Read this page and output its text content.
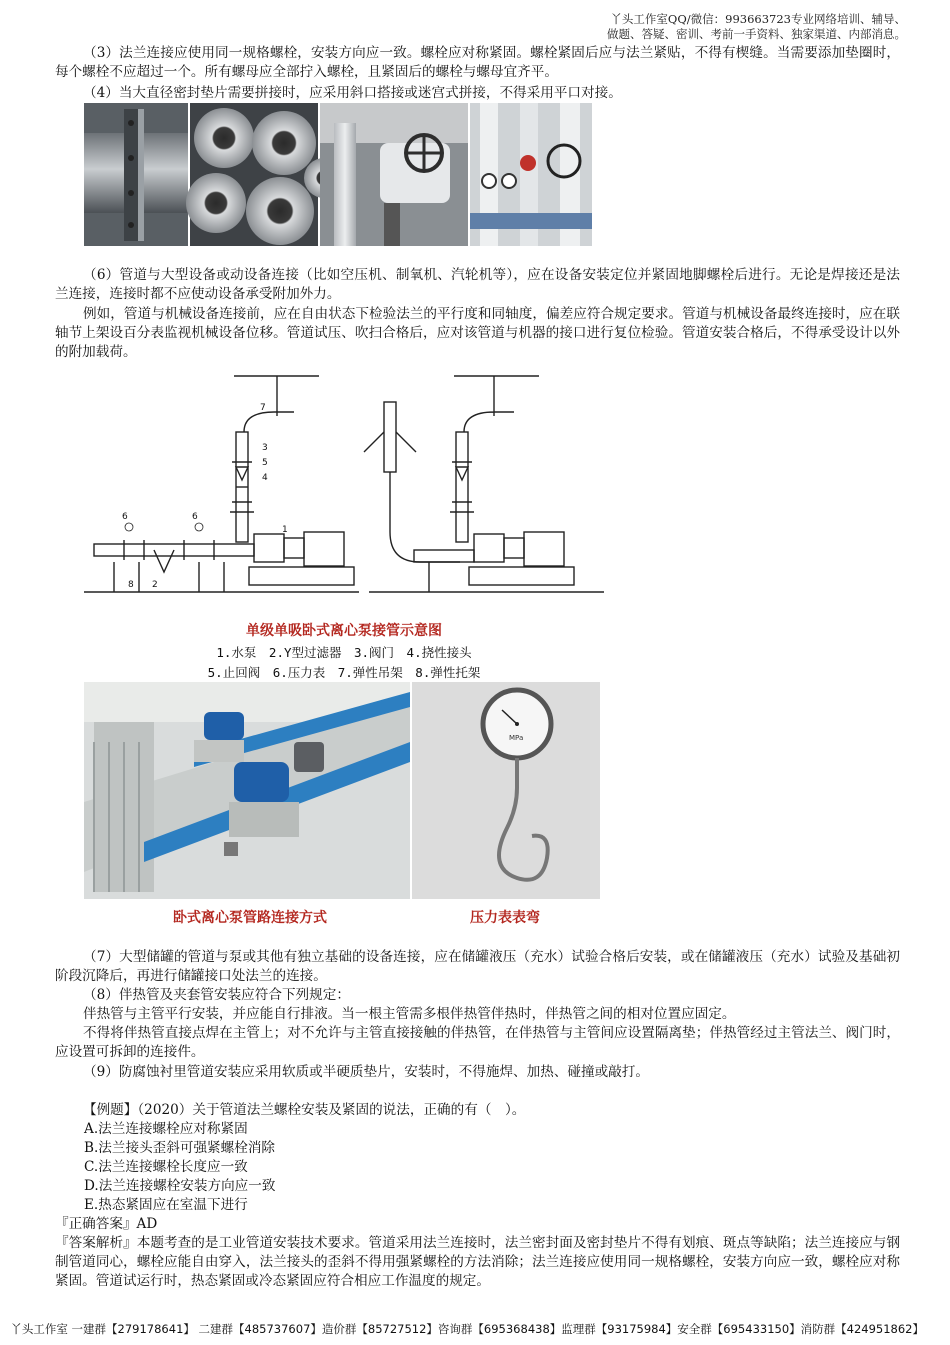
丫头工作室QQ/微信：993663723专业网络培训、辅导、
做题、答疑、密训、考前一手资料、独家渠道、内部消息。
（3）法兰连接应使用同一规格螺栓，安装方向应一致。螺栓应对称紧固。螺栓紧固后应与法兰紧贴，不得有楔缝。当需要添加垫圈时，每个螺栓不应超过一个。所有螺母应全部拧入螺栓，且紧固后的螺栓与螺母宜齐平。
（4）当大直径密封垫片需要拼接时，应采用斜口搭接或迷宫式拼接，不得采用平口对接。
（6）管道与大型设备或动设备连接（比如空压机、制氧机、汽轮机等），应在设备安装定位并紧固地脚螺栓后进行。无论是焊接还是法兰连接，连接时都不应使动设备承受附加外力。
例如，管道与机械设备连接前，应在自由状态下检验法兰的平行度和同轴度，偏差应符合规定要求。管道与机械设备最终连接时，应在联轴节上架设百分表监视机械设备位移。管道试压、吹扫合格后，应对该管道与机器的接口进行复位检验。管道安装合格后，不得承受设计以外的附加载荷。
6	6
8 2
7
3
5
4
1
单级单吸卧式离心泵接管示意图
1.水泵　2.Y型过滤器　3.阀门　4.挠性接头
5.止回阀　6.压力表　7.弹性吊架　8.弹性托架
MPa
卧式离心泵管路连接方式	压力表表弯
（7）大型储罐的管道与泵或其他有独立基础的设备连接，应在储罐液压（充水）试验合格后安装，或在储罐液压（充水）试验及基础初阶段沉降后，再进行储罐接口处法兰的连接。
（8）伴热管及夹套管安装应符合下列规定：
伴热管与主管平行安装，并应能自行排液。当一根主管需多根伴热管伴热时，伴热管之间的相对位置应固定。
不得将伴热管直接点焊在主管上；对不允许与主管直接接触的伴热管，在伴热管与主管间应设置隔离垫；伴热管经过主管法兰、阀门时，应设置可拆卸的连接件。
（9）防腐蚀衬里管道安装应采用软质或半硬质垫片，安装时，不得施焊、加热、碰撞或敲打。
【例题】（2020）关于管道法兰螺栓安装及紧固的说法，正确的有（　）。
A.法兰连接螺栓应对称紧固
B.法兰接头歪斜可强紧螺栓消除
C.法兰连接螺栓长度应一致
D.法兰连接螺栓安装方向应一致
E.热态紧固应在室温下进行
『正确答案』AD
『答案解析』本题考查的是工业管道安装技术要求。管道采用法兰连接时，法兰密封面及密封垫片不得有划痕、斑点等缺陷；法兰连接应与钢制管道同心，螺栓应能自由穿入，法兰接头的歪斜不得用强紧螺栓的方法消除；法兰连接应使用同一规格螺栓，安装方向应一致，螺栓应对称紧固。管道试运行时，热态紧固或冷态紧固应符合相应工作温度的规定。
丫头工作室 一建群【279178641】 二建群【485737607】造价群【85727512】咨询群【695368438】监理群【93175984】安全群【695433150】消防群【424951862】
